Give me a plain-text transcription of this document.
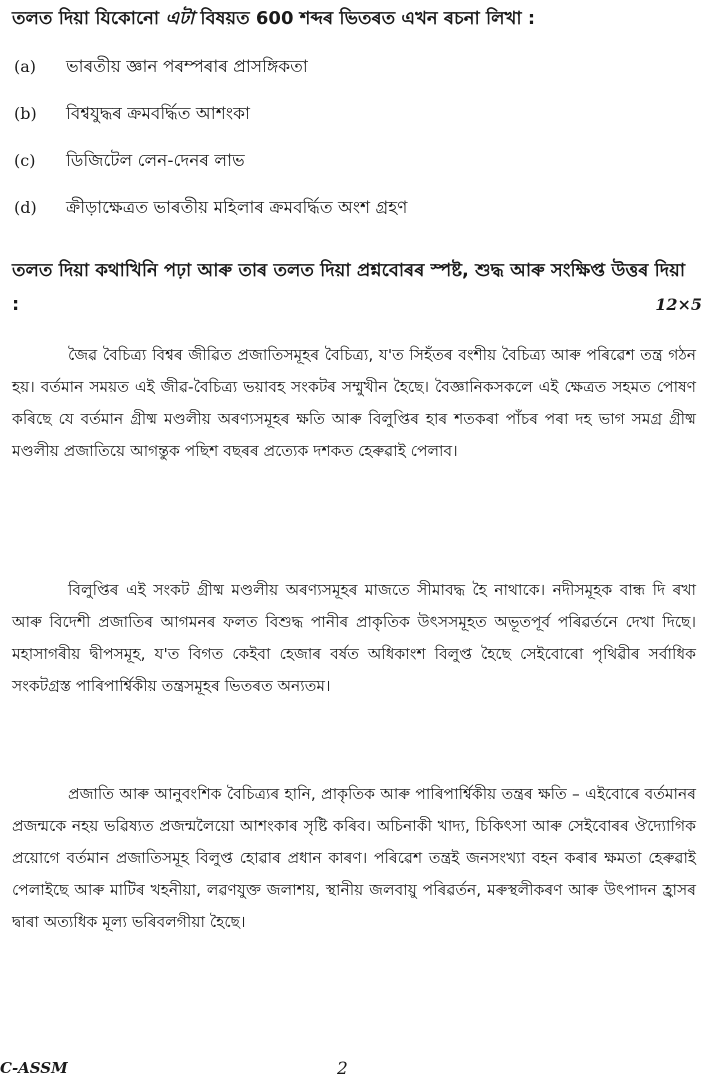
তলত দিয়া যিকোনো এটা বিষয়ত 600 শব্দৰ ভিতৰত এখন ৰচনা লিখা :

(a) ভাৰতীয় জ্ঞান পৰম্পৰাৰ প্ৰাসঙ্গিকতা
(b) বিশ্বযুদ্ধৰ ক্ৰমবৰ্দ্ধিত আশংকা
(c) ডিজিটেল লেন-দেনৰ লাভ
(d) ক্ৰীড়াক্ষেত্ৰত ভাৰতীয় মহিলাৰ ক্ৰমবৰ্দ্ধিত অংশ গ্ৰহণ

তলত দিয়া কথাখিনি পঢ়া আৰু তাৰ তলত দিয়া প্ৰশ্নবোৰৰ স্পষ্ট, শুদ্ধ আৰু সংক্ষিপ্ত উত্তৰ দিয়া :	12×5

জৈৱ বৈচিত্ৰ্য বিশ্বৰ জীৱিত প্ৰজাতিসমূহৰ বৈচিত্ৰ্য, য'ত সিহঁতৰ বংশীয় বৈচিত্ৰ্য আৰু পৰিৱেশ তন্ত্ৰ গঠন হয়। বৰ্তমান সময়ত এই জীৱ-বৈচিত্ৰ্য ভয়াবহ সংকটৰ সম্মুখীন হৈছে। বৈজ্ঞানিকসকলে এই ক্ষেত্ৰত সহমত পোষণ কৰিছে যে বৰ্তমান গ্ৰীষ্ম মণ্ডলীয় অৰণ্যসমূহৰ ক্ষতি আৰু বিলুপ্তিৰ হাৰ শতকৰা পাঁচৰ পৰা দহ ভাগ সমগ্ৰ গ্ৰীষ্ম মণ্ডলীয় প্ৰজাতিয়ে আগন্তুক পছিশ বছৰৰ প্ৰত্যেক দশকত হেৰুৱাই পেলাব।

বিলুপ্তিৰ এই সংকট গ্ৰীষ্ম মণ্ডলীয় অৰণ্যসমূহৰ মাজতে সীমাবদ্ধ হৈ নাথাকে। নদীসমূহক বান্ধ দি ৰখা আৰু বিদেশী প্ৰজাতিৰ আগমনৰ ফলত বিশুদ্ধ পানীৰ প্ৰাকৃতিক উৎসসমূহত অভূতপূৰ্ব পৰিৱৰ্তনে দেখা দিছে। মহাসাগৰীয় দ্বীপসমূহ, য'ত বিগত কেইবা হেজাৰ বৰ্ষত অধিকাংশ বিলুপ্ত হৈছে সেইবোৰো পৃথিৱীৰ সৰ্বাধিক সংকটগ্ৰস্ত পাৰিপাৰ্শ্বিকীয় তন্ত্ৰসমূহৰ ভিতৰত অন্যতম।

প্ৰজাতি আৰু আনুবংশিক বৈচিত্ৰ্যৰ হানি, প্ৰাকৃতিক আৰু পাৰিপাৰ্শ্বিকীয় তন্ত্ৰৰ ক্ষতি – এইবোৰে বৰ্তমানৰ প্ৰজন্মকে নহয় ভৱিষ্যত প্ৰজন্মলৈয়ো আশংকাৰ সৃষ্টি কৰিব। অচিনাকী খাদ্য, চিকিৎসা আৰু সেইবোৰৰ ঔদ্যোগিক প্ৰয়োগে বৰ্তমান প্ৰজাতিসমূহ বিলুপ্ত হোৱাৰ প্ৰধান কাৰণ। পৰিৱেশ তন্ত্ৰই জনসংখ্যা বহন কৰাৰ ক্ষমতা হেৰুৱাই পেলাইছে আৰু মাটিৰ খহনীয়া, লৱণযুক্ত জলাশয়, স্থানীয় জলবায়ু পৰিৱৰ্তন, মৰুস্থলীকৰণ আৰু উৎপাদন হ্ৰাসৰ দ্বাৰা অত্যধিক মূল্য ভৰিবলগীয়া হৈছে।

C-ASSM	2
